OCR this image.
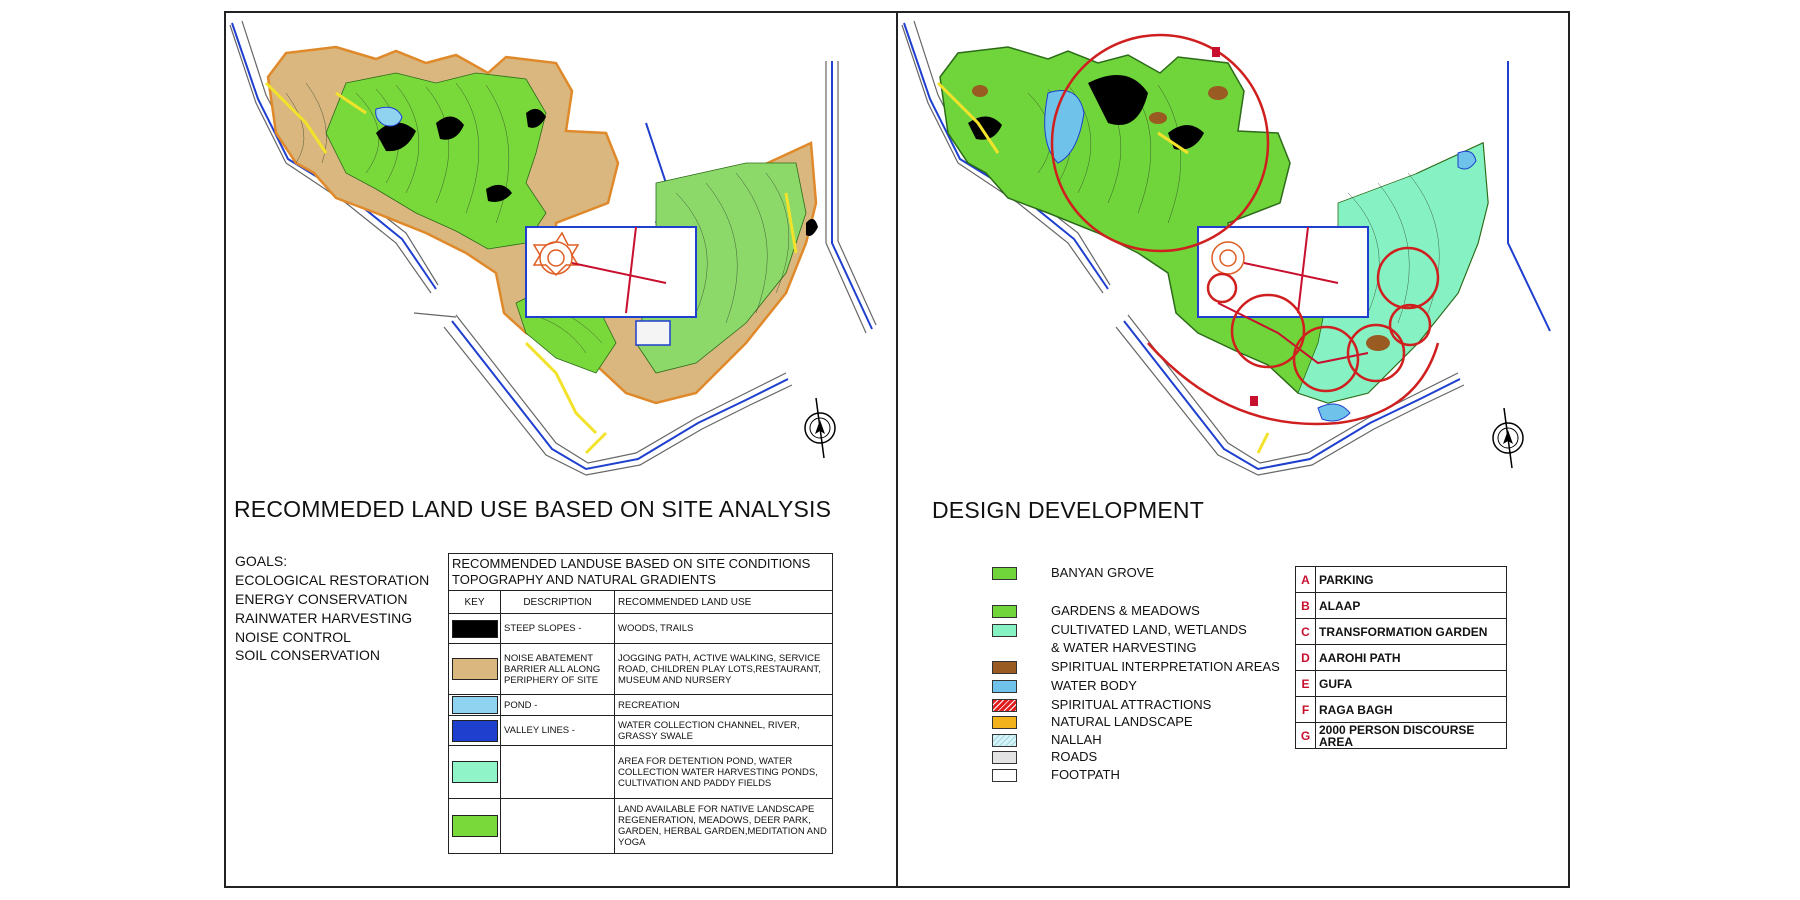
RECOMMEDED LAND USE BASED ON SITE ANALYSIS
GOALS:
ECOLOGICAL RESTORATION
ENERGY CONSERVATION
RAINWATER HARVESTING
NOISE CONTROL
SOIL CONSERVATION
RECOMMENDED LANDUSE BASED ON SITE CONDITIONS TOPOGRAPHY AND NATURAL GRADIENTS		
KEY	DESCRIPTION	RECOMMENDED LAND USE

	STEEP SLOPES -	WOODS, TRAILS

	NOISE ABATEMENT BARRIER ALL ALONG PERIPHERY OF SITE	JOGGING PATH, ACTIVE WALKING, SERVICE ROAD, CHILDREN PLAY LOTS,RESTAURANT, MUSEUM AND NURSERY

	POND -	RECREATION

	VALLEY LINES -	WATER COLLECTION CHANNEL, RIVER, GRASSY SWALE

		AREA FOR DETENTION POND, WATER COLLECTION WATER HARVESTING PONDS, CULTIVATION AND PADDY FIELDS

		LAND AVAILABLE FOR NATIVE LANDSCAPE REGENERATION, MEADOWS, DEER PARK, GARDEN, HERBAL GARDEN,MEDITATION AND YOGA
DESIGN DEVELOPMENT
BANYAN GROVE
GARDENS & MEADOWS
CULTIVATED LAND, WETLANDS
& WATER HARVESTING
SPIRITUAL INTERPRETATION AREAS
WATER BODY
SPIRITUAL ATTRACTIONS
NATURAL LANDSCAPE
NALLAH
ROADS
FOOTPATH
A	PARKING
B	ALAAP
C	TRANSFORMATION GARDEN
D	AAROHI PATH
E	GUFA
F	RAGA BAGH
G	2000 PERSON DISCOURSE AREA
